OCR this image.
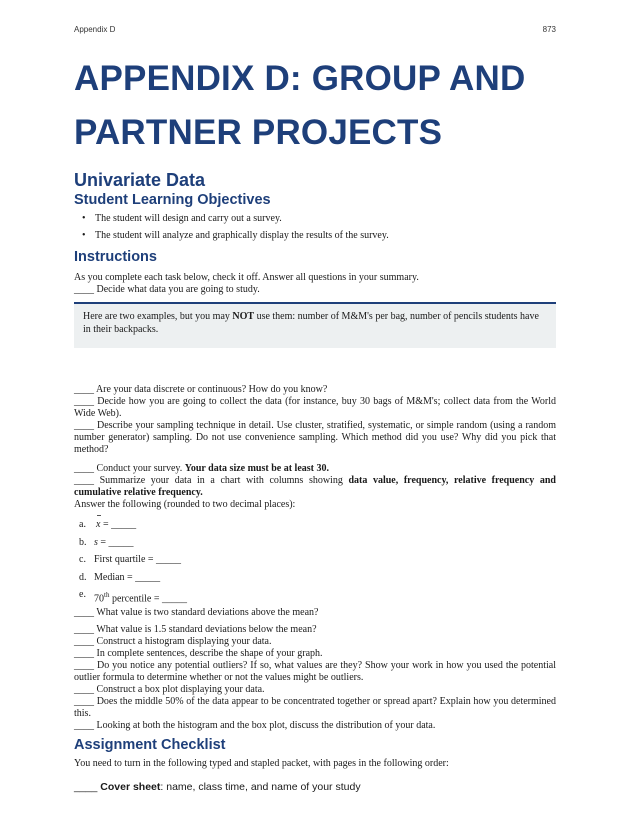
Appendix D	873
APPENDIX D: GROUP AND PARTNER PROJECTS
Univariate Data
Student Learning Objectives
• The student will design and carry out a survey.
• The student will analyze and graphically display the results of the survey.
Instructions

As you complete each task below, check it off. Answer all questions in your summary.

____ Decide what data you are going to study.

Here are two examples, but you may NOT use them: number of M&M's per bag, number of pencils students have in their backpacks.

____ Are your data discrete or continuous? How do you know?

____ Decide how you are going to collect the data (for instance, buy 30 bags of M&M's; collect data from the World Wide Web).

____ Describe your sampling technique in detail. Use cluster, stratified, systematic, or simple random (using a random number generator) sampling. Do not use convenience sampling. Which method did you use? Why did you pick that method?

____ Conduct your survey. Your data size must be at least 30.

____ Summarize your data in a chart with columns showing data value, frequency, relative frequency and cumulative relative frequency.

Answer the following (rounded to two decimal places):

a. x = _____
b. s = _____
c. First quartile = _____
d. Median = _____
e. 70th percentile = _____

____ What value is two standard deviations above the mean?

____ What value is 1.5 standard deviations below the mean?

____ Construct a histogram displaying your data.

____ In complete sentences, describe the shape of your graph.

____ Do you notice any potential outliers? If so, what values are they? Show your work in how you used the potential outlier formula to determine whether or not the values might be outliers.

____ Construct a box plot displaying your data.

____ Does the middle 50% of the data appear to be concentrated together or spread apart? Explain how you determined this.

____ Looking at both the histogram and the box plot, discuss the distribution of your data.

Assignment Checklist

You need to turn in the following typed and stapled packet, with pages in the following order:

____ Cover sheet: name, class time, and name of your study
